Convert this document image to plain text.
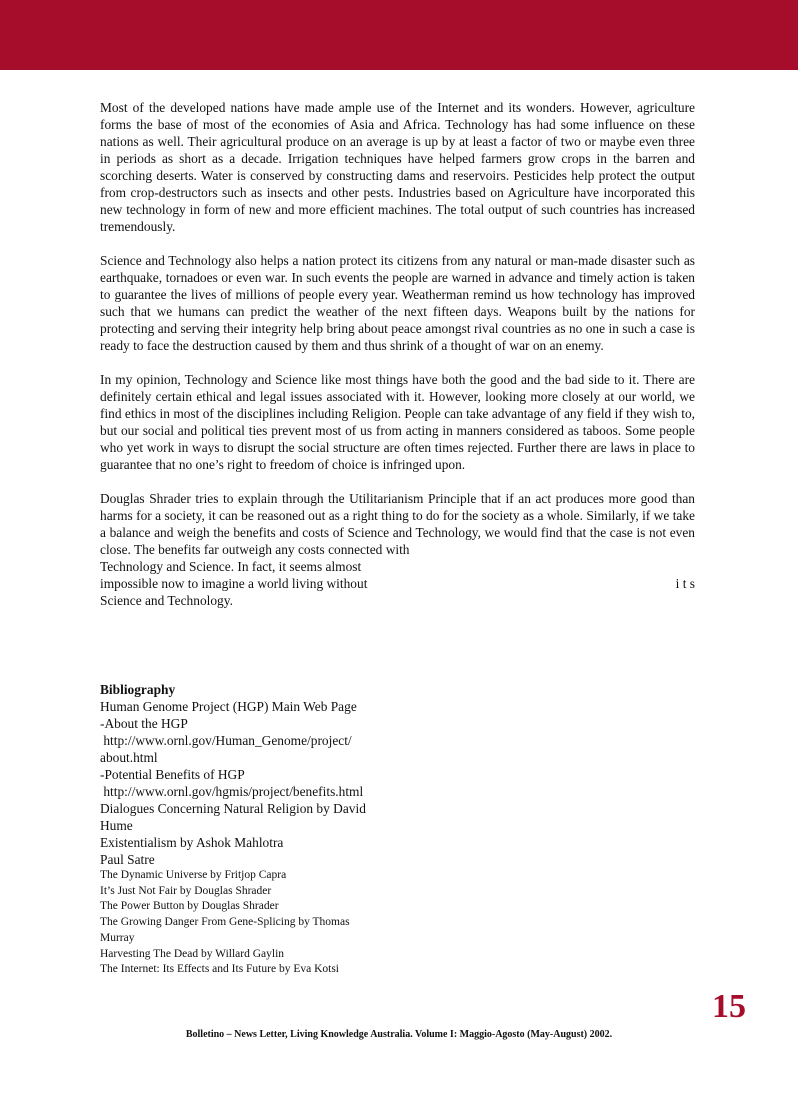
Most of the developed nations have made ample use of the Internet and its wonders. However, agriculture forms the base of most of the economies of Asia and Africa. Technology has had some influence on these nations as well. Their agricultural produce on an average is up by at least a factor of two or maybe even three in periods as short as a decade. Irrigation techniques have helped farmers grow crops in the barren and scorching deserts. Water is conserved by constructing dams and reservoirs. Pesticides help protect the output from crop-destructors such as insects and other pests. Industries based on Agriculture have incorporated this new technology in form of new and more efficient machines. The total output of such countries has increased tremendously.

Science and Technology also helps a nation protect its citizens from any natural or man-made disaster such as earthquake, tornadoes or even war. In such events the people are warned in advance and timely action is taken to guarantee the lives of millions of people every year. Weatherman remind us how technology has improved such that we humans can predict the weather of the next fifteen days. Weapons built by the nations for protecting and serving their integrity help bring about peace amongst rival countries as no one in such a case is ready to face the destruction caused by them and thus shrink of a thought of war on an enemy.

In my opinion, Technology and Science like most things have both the good and the bad side to it. There are definitely certain ethical and legal issues associated with it. However, looking more closely at our world, we find ethics in most of the disciplines including Religion. People can take advantage of any field if they wish to, but our social and political ties prevent most of us from acting in manners considered as taboos. Some people who yet work in ways to disrupt the social structure are often times rejected. Further there are laws in place to guarantee that no one’s right to freedom of choice is infringed upon.

Douglas Shrader tries to explain through the Utilitarianism Principle that if an act produces more good than harms for a society, it can be reasoned out as a right thing to do for the society as a whole. Similarly, if we take a balance and weigh the benefits and costs of Science and Technology, we would find that the case is not even close. The benefits far outweigh any costs connected with

Technology and Science. In fact, it seems almost
impossible now to imagine a world living without	i t s
Science and Technology.

Bibliography

Human Genome Project (HGP) Main Web Page

-About the HGP

http://www.ornl.gov/Human_Genome/project/

about.html

-Potential Benefits of HGP

http://www.ornl.gov/hgmis/project/benefits.html

Dialogues Concerning Natural Religion by David

Hume

Existentialism by Ashok Mahlotra

Paul Satre

The Dynamic Universe by Fritjop Capra

It’s Just Not Fair by Douglas Shrader

The Power Button by Douglas Shrader

The Growing Danger From Gene-Splicing by Thomas

Murray

Harvesting The Dead by Willard Gaylin

The Internet: Its Effects and Its Future by Eva Kotsi

15
Bolletino – News Letter, Living Knowledge Australia. Volume I: Maggio-Agosto (May-August) 2002.
